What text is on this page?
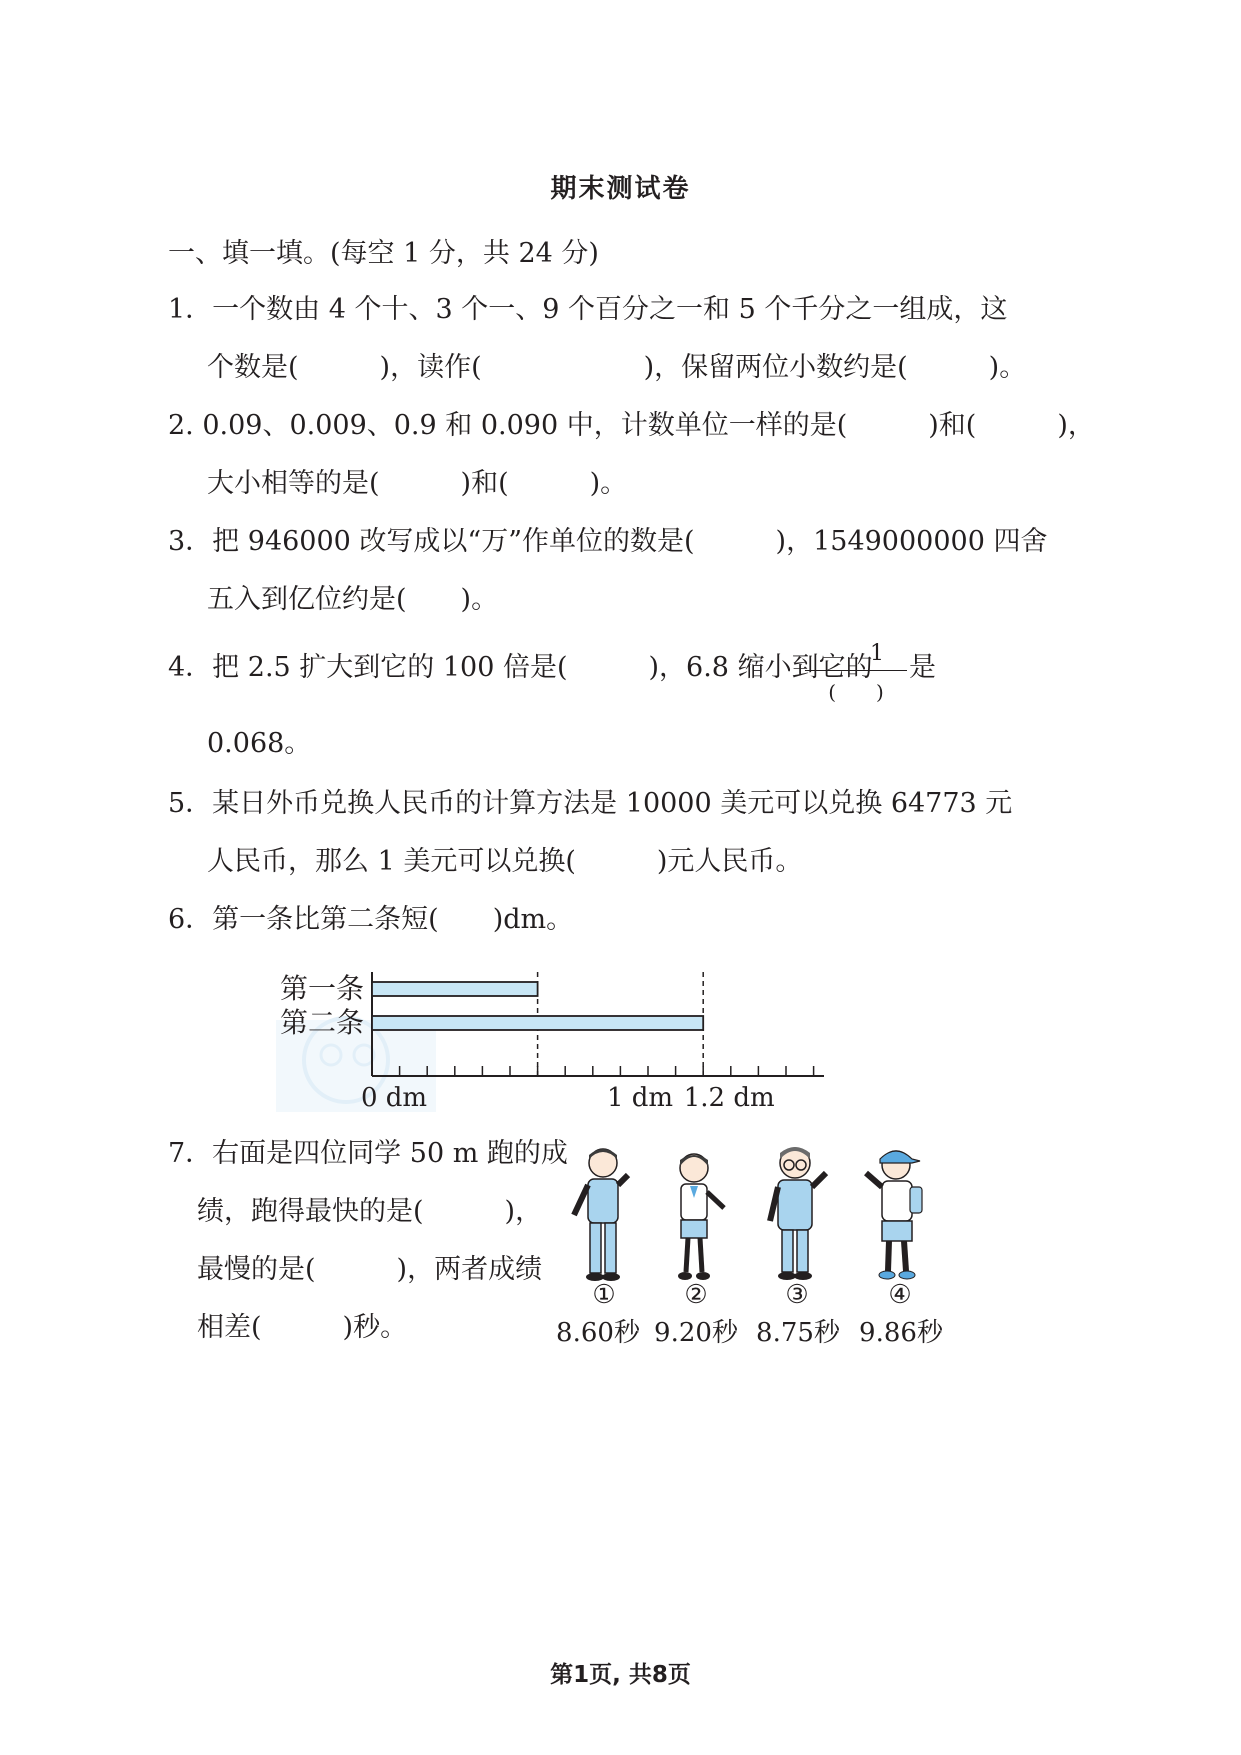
期末测试卷
一、填一填。(每空 1 分，共 24 分)
1．一个数由 4 个十、3 个一、9 个百分之一和 5 个千分之一组成，这
个数是(　　　)，读作(　　　　　　)，保留两位小数约是(　　　)。
2. 0.09、0.009、0.9 和 0.090 中，计数单位一样的是(　　　)和(　　　)，
大小相等的是(　　　)和(　　　)。
3．把 946000 改写成以“万”作单位的数是(　　　)，1549000000 四舍
五入到亿位约是(　　)。
4．把 2.5 扩大到它的 100 倍是(　　　)，6.8 缩小到它的
1
(　　)
是
0.068。
5．某日外币兑换人民币的计算方法是 10000 美元可以兑换 64773 元
人民币，那么 1 美元可以兑换(　　　)元人民币。
6．第一条比第二条短(　　)dm。
第一条
第二条
0 dm	1 dm 1.2 dm
7．右面是四位同学 50 m 跑的成
绩，跑得最快的是(　　　)，
最慢的是(　　　)，两者成绩
相差(　　　)秒。
①	②	③	④
8.60秒 9.20秒 8.75秒 9.86秒
第1页, 共8页
